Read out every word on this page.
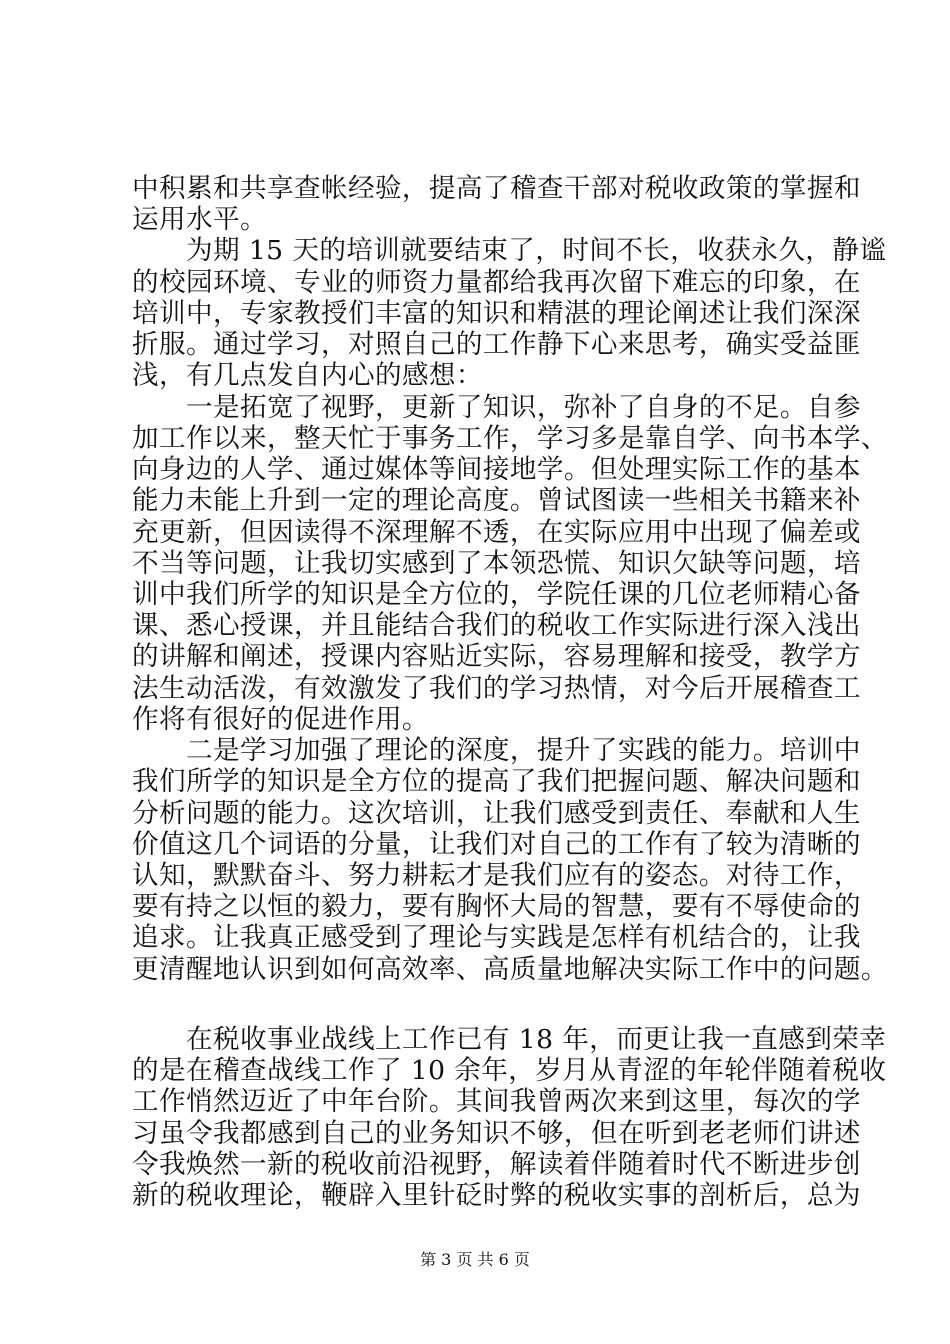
中积累和共享查帐经验，提高了稽查干部对税收政策的掌握和
运用水平。
　　为期 15 天的培训就要结束了，时间不长，收获永久，静谧
的校园环境、专业的师资力量都给我再次留下难忘的印象，在
培训中，专家教授们丰富的知识和精湛的理论阐述让我们深深
折服。通过学习，对照自己的工作静下心来思考，确实受益匪
浅，有几点发自内心的感想：
　　一是拓宽了视野，更新了知识，弥补了自身的不足。自参
加工作以来，整天忙于事务工作，学习多是靠自学、向书本学、
向身边的人学、通过媒体等间接地学。但处理实际工作的基本
能力未能上升到一定的理论高度。曾试图读一些相关书籍来补
充更新，但因读得不深理解不透，在实际应用中出现了偏差或
不当等问题，让我切实感到了本领恐慌、知识欠缺等问题，培
训中我们所学的知识是全方位的，学院任课的几位老师精心备
课、悉心授课，并且能结合我们的税收工作实际进行深入浅出
的讲解和阐述，授课内容贴近实际，容易理解和接受，教学方
法生动活泼，有效激发了我们的学习热情，对今后开展稽查工
作将有很好的促进作用。
　　二是学习加强了理论的深度，提升了实践的能力。培训中
我们所学的知识是全方位的提高了我们把握问题、解决问题和
分析问题的能力。这次培训，让我们感受到责任、奉献和人生
价值这几个词语的分量，让我们对自己的工作有了较为清晰的
认知，默默奋斗、努力耕耘才是我们应有的姿态。对待工作，
要有持之以恒的毅力，要有胸怀大局的智慧，要有不辱使命的
追求。让我真正感受到了理论与实践是怎样有机结合的，让我
更清醒地认识到如何高效率、高质量地解决实际工作中的问题。
　　在税收事业战线上工作已有 18 年，而更让我一直感到荣幸
的是在稽查战线工作了 10 余年，岁月从青涩的年轮伴随着税收
工作悄然迈近了中年台阶。其间我曾两次来到这里，每次的学
习虽令我都感到自己的业务知识不够，但在听到老老师们讲述
令我焕然一新的税收前沿视野，解读着伴随着时代不断进步创
新的税收理论，鞭辟入里针砭时弊的税收实事的剖析后，总为
第 3 页 共 6 页
